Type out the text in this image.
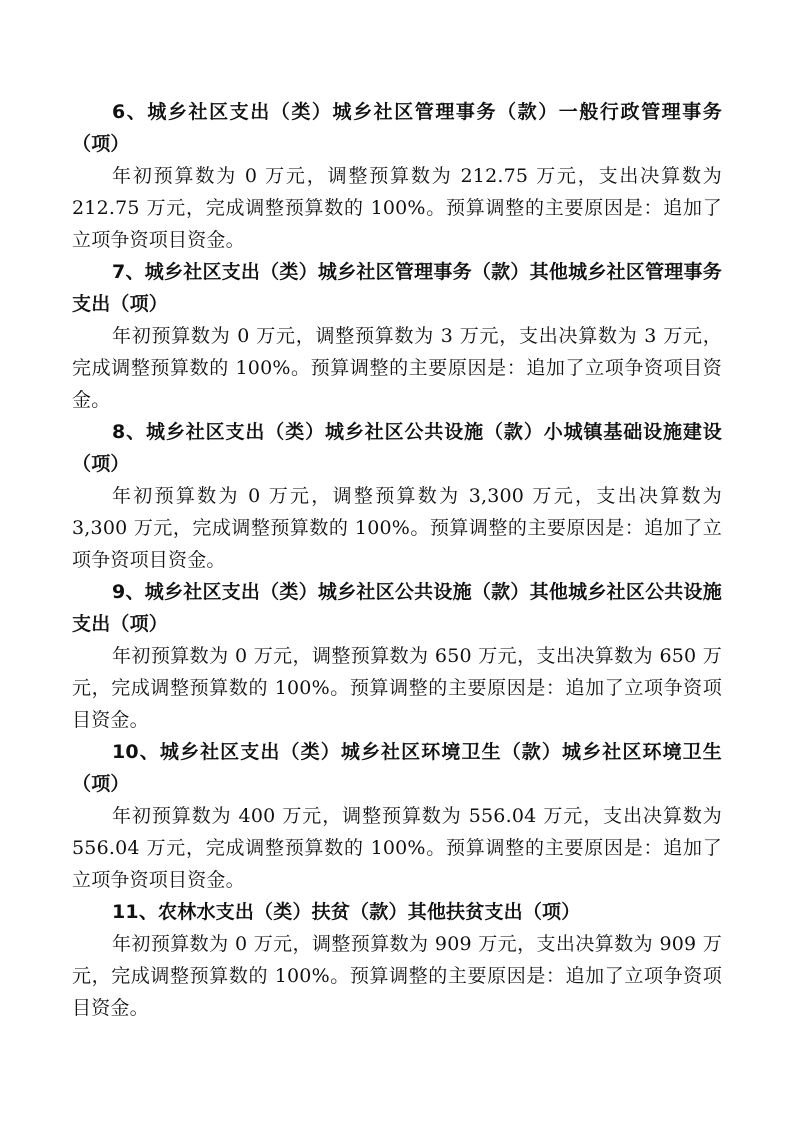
6、城乡社区支出（类）城乡社区管理事务（款）一般行政管理事务（项）

年初预算数为 0 万元，调整预算数为 212.75 万元，支出决算数为 212.75 万元，完成调整预算数的 100%。预算调整的主要原因是：追加了立项争资项目资金。

7、城乡社区支出（类）城乡社区管理事务（款）其他城乡社区管理事务支出（项）

年初预算数为 0 万元，调整预算数为 3 万元，支出决算数为 3 万元，完成调整预算数的 100%。预算调整的主要原因是：追加了立项争资项目资金。

8、城乡社区支出（类）城乡社区公共设施（款）小城镇基础设施建设（项）

年初预算数为 0 万元，调整预算数为 3,300 万元，支出决算数为 3,300 万元，完成调整预算数的 100%。预算调整的主要原因是：追加了立项争资项目资金。

9、城乡社区支出（类）城乡社区公共设施（款）其他城乡社区公共设施支出（项）

年初预算数为 0 万元，调整预算数为 650 万元，支出决算数为 650 万元，完成调整预算数的 100%。预算调整的主要原因是：追加了立项争资项目资金。

10、城乡社区支出（类）城乡社区环境卫生（款）城乡社区环境卫生（项）

年初预算数为 400 万元，调整预算数为 556.04 万元，支出决算数为 556.04 万元，完成调整预算数的 100%。预算调整的主要原因是：追加了立项争资项目资金。

11、农林水支出（类）扶贫（款）其他扶贫支出（项）

年初预算数为 0 万元，调整预算数为 909 万元，支出决算数为 909 万元，完成调整预算数的 100%。预算调整的主要原因是：追加了立项争资项目资金。
